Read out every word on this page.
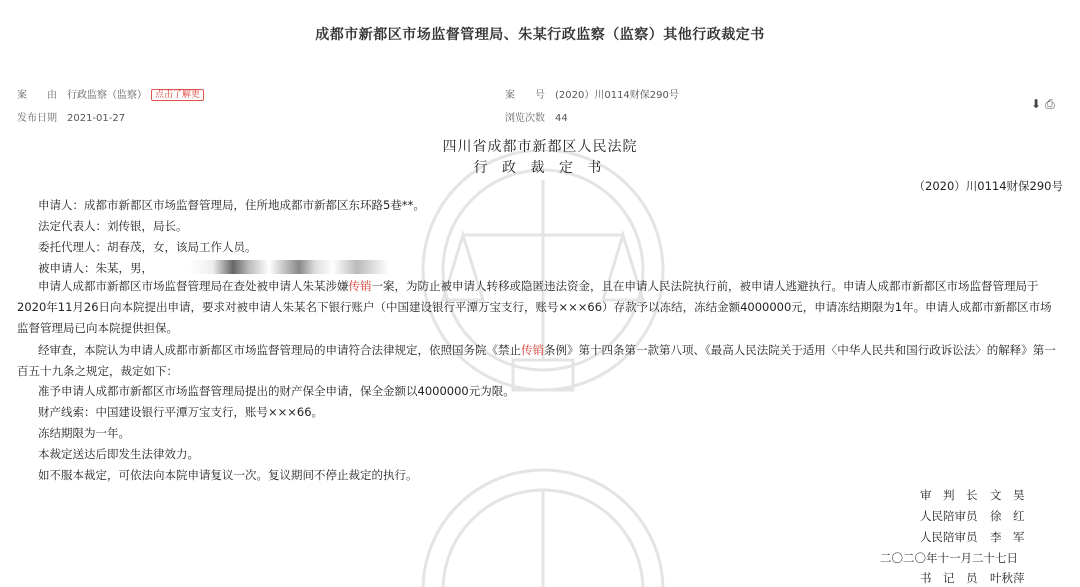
成都市新都区市场监督管理局、朱某行政监察（监察）其他行政裁定书
案　　由 行政监察（监察） 点击了解更	案　　号 (2020）川0114财保290号
发布日期 2021-01-27	浏览次数 44
⬇ ⎙
四川省成都市新都区人民法院
行 政 裁 定 书
（2020）川0114财保290号
申请人：成都市新都区市场监督管理局，住所地成都市新都区东环路5巷**。
法定代表人：刘传银，局长。
委托代理人：胡春茂，女，该局工作人员。
被申请人：朱某，男，
申请人成都市新都区市场监督管理局在查处被申请人朱某涉嫌传销一案，为防止被申请人转移或隐匿违法资金，且在申请人民法院执行前，被申请人逃避执行。申请人成都市新都区市场监督管理局于2020年11月26日向本院提出申请，要求对被申请人朱某名下银行账户（中国建设银行平潭万宝支行，账号×××66）存款予以冻结，冻结金额4000000元，申请冻结期限为1年。申请人成都市新都区市场监督管理局已向本院提供担保。
经审查，本院认为申请人成都市新都区市场监督管理局的申请符合法律规定，依照国务院《禁止传销条例》第十四条第一款第八项、《最高人民法院关于适用〈中华人民共和国行政诉讼法〉的解释》第一百五十九条之规定，裁定如下：
准予申请人成都市新都区市场监督管理局提出的财产保全申请，保全金额以4000000元为限。
财产线索：中国建设银行平潭万宝支行，账号×××66。
冻结期限为一年。
本裁定送达后即发生法律效力。
如不服本裁定，可依法向本院申请复议一次。复议期间不停止裁定的执行。
审　判　长 文　昊
人民陪审员 徐　红
人民陪审员 李　军
二〇二〇年十一月二十七日
书　记　员 叶秋萍
